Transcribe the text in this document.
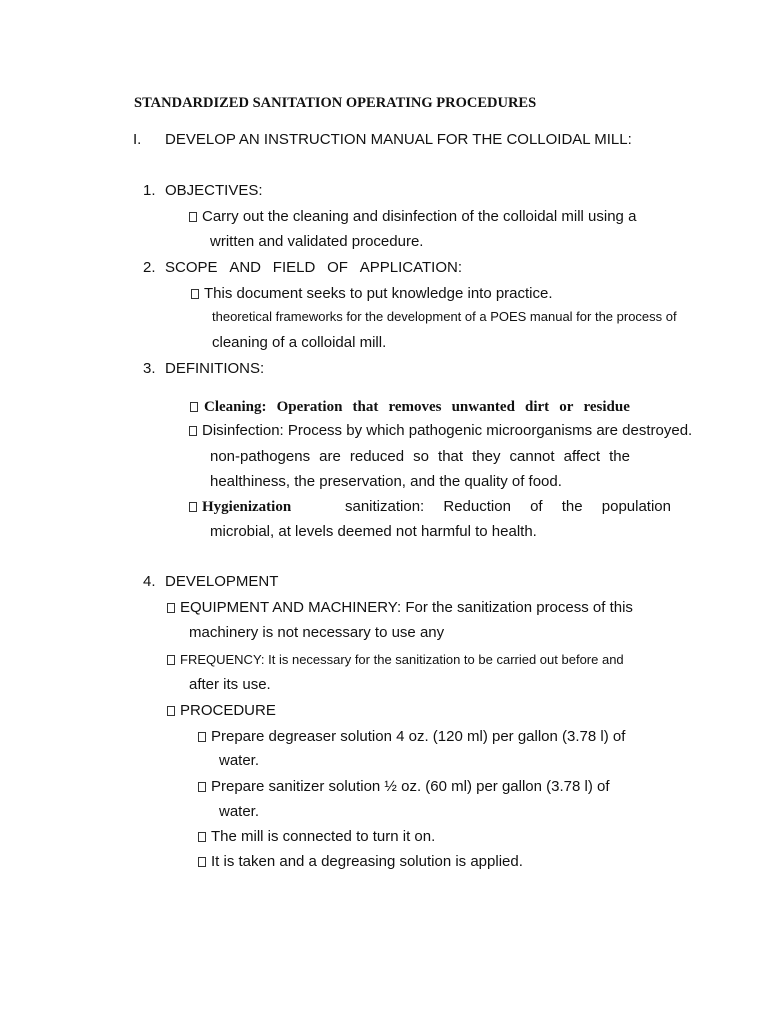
STANDARDIZED SANITATION OPERATING PROCEDURES
I. DEVELOP AN INSTRUCTION MANUAL FOR THE COLLOIDAL MILL:
1. OBJECTIVES:
Carry out the cleaning and disinfection of the colloidal mill using a
written and validated procedure.
2. SCOPE AND FIELD OF APPLICATION:
This document seeks to put knowledge into practice.
theoretical frameworks for the development of a POES manual for the process of
cleaning of a colloidal mill.
3. DEFINITIONS:
Cleaning: Operation that removes unwanted dirt or residue
Disinfection: Process by which pathogenic microorganisms are destroyed.
non-pathogens are reduced so that they cannot affect the
healthiness, the preservation, and the quality of food.
Hygienization	sanitization: Reduction of the population
microbial, at levels deemed not harmful to health.
4. DEVELOPMENT
EQUIPMENT AND MACHINERY: For the sanitization process of this
machinery is not necessary to use any
FREQUENCY: It is necessary for the sanitization to be carried out before and
after its use.
PROCEDURE
Prepare degreaser solution 4 oz. (120 ml) per gallon (3.78 l) of
water.
Prepare sanitizer solution ½ oz. (60 ml) per gallon (3.78 l) of
water.
The mill is connected to turn it on.
It is taken and a degreasing solution is applied.
